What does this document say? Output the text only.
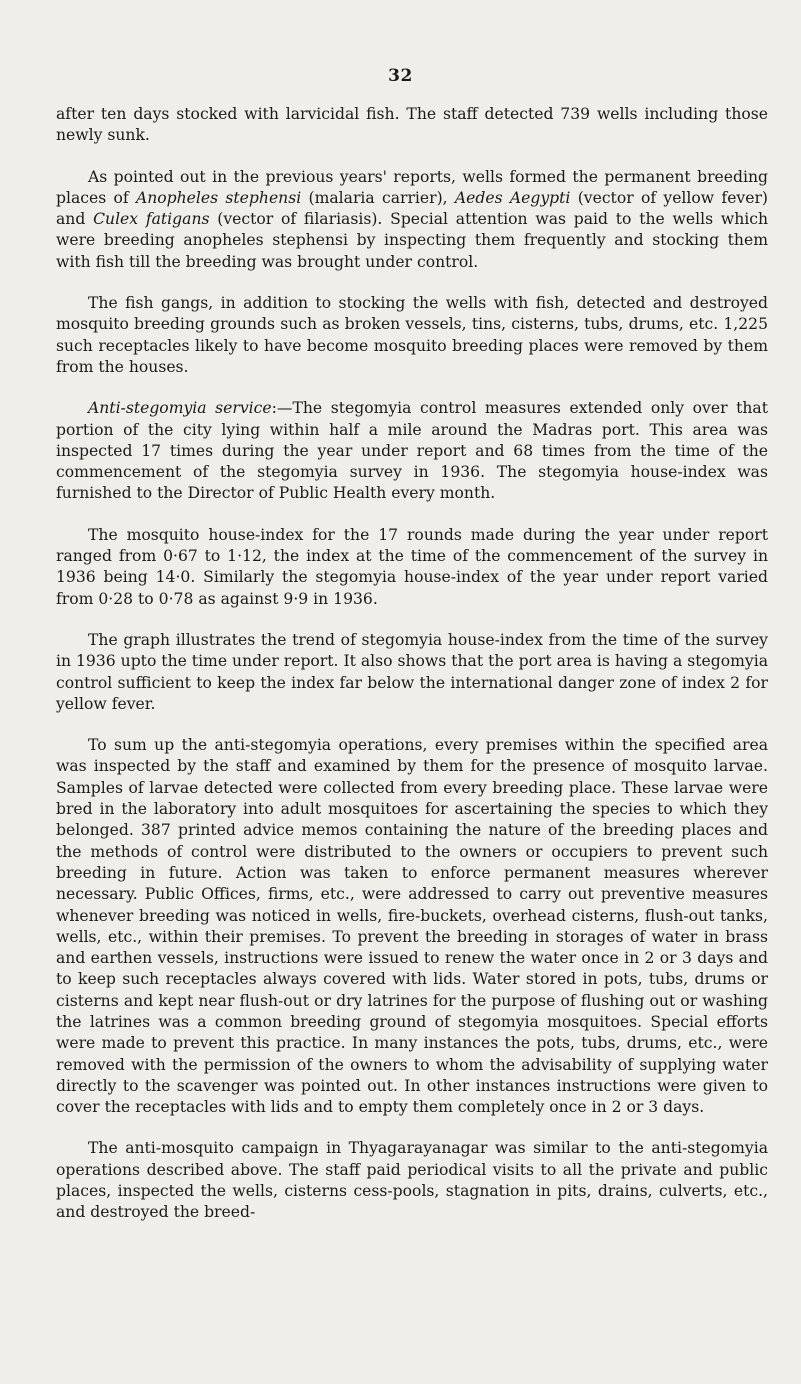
32

after ten days stocked with larvicidal fish. The staff detected 739 wells including those newly sunk.

As pointed out in the previous years' reports, wells formed the permanent breeding places of Anopheles stephensi (malaria carrier), Aedes Aegypti (vector of yellow fever) and Culex fatigans (vector of filariasis). Special attention was paid to the wells which were breeding anopheles stephensi by inspecting them frequently and stocking them with fish till the breeding was brought under control.

The fish gangs, in addition to stocking the wells with fish, detected and destroyed mosquito breeding grounds such as broken vessels, tins, cisterns, tubs, drums, etc. 1,225 such receptacles likely to have become mosquito breeding places were removed by them from the houses.

Anti-stegomyia service:—The stegomyia control measures extended only over that portion of the city lying within half a mile around the Madras port. This area was inspected 17 times during the year under report and 68 times from the time of the commencement of the stegomyia survey in 1936. The stegomyia house-index was furnished to the Director of Public Health every month.

The mosquito house-index for the 17 rounds made during the year under report ranged from 0·67 to 1·12, the index at the time of the commencement of the survey in 1936 being 14·0. Similarly the stegomyia house-index of the year under report varied from 0·28 to 0·78 as against 9·9 in 1936.

The graph illustrates the trend of stegomyia house-index from the time of the survey in 1936 upto the time under report. It also shows that the port area is having a stegomyia control sufficient to keep the index far below the international danger zone of index 2 for yellow fever.

To sum up the anti-stegomyia operations, every premises within the specified area was inspected by the staff and examined by them for the presence of mosquito larvae. Samples of larvae detected were collected from every breeding place. These larvae were bred in the laboratory into adult mosquitoes for ascertaining the species to which they belonged. 387 printed advice memos containing the nature of the breeding places and the methods of control were distributed to the owners or occupiers to prevent such breeding in future. Action was taken to enforce permanent measures wherever necessary. Public Offices, firms, etc., were addressed to carry out preventive measures whenever breeding was noticed in wells, fire-buckets, overhead cisterns, flush-out tanks, wells, etc., within their premises. To prevent the breeding in storages of water in brass and earthen vessels, instructions were issued to renew the water once in 2 or 3 days and to keep such receptacles always covered with lids. Water stored in pots, tubs, drums or cisterns and kept near flush-out or dry latrines for the purpose of flushing out or washing the latrines was a common breeding ground of stegomyia mosquitoes. Special efforts were made to prevent this practice. In many instances the pots, tubs, drums, etc., were removed with the permission of the owners to whom the advisability of supplying water directly to the scavenger was pointed out. In other instances instructions were given to cover the receptacles with lids and to empty them completely once in 2 or 3 days.

The anti-mosquito campaign in Thyagarayanagar was similar to the anti-stegomyia operations described above. The staff paid periodical visits to all the private and public places, inspected the wells, cisterns cess-pools, stagnation in pits, drains, culverts, etc., and destroyed the breed-
